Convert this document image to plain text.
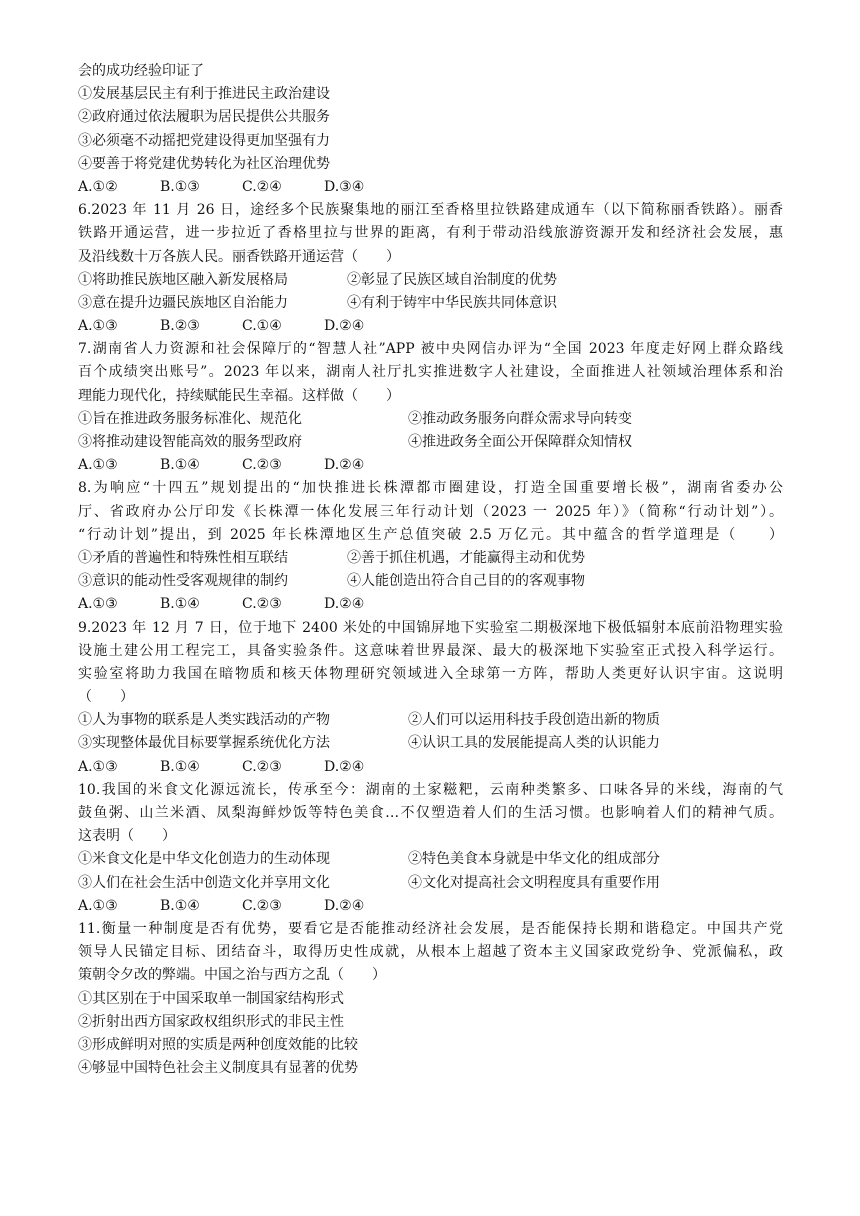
会的成功经验印证了
①发展基层民主有利于推进民主政治建设
②政府通过依法履职为居民提供公共服务
③必须毫不动摇把党建设得更加坚强有力
④要善于将党建优势转化为社区治理优势
A.①②	B.①③	C.②④	D.③④
6.2023 年 11 月 26 日，途经多个民族聚集地的丽江至香格里拉铁路建成通车（以下简称丽香铁路）。丽香
铁路开通运营，进一步拉近了香格里拉与世界的距离，有利于带动沿线旅游资源开发和经济社会发展，惠
及沿线数十万各族人民。丽香铁路开通运营（　　）
①将助推民族地区融入新发展格局	②彰显了民族区域自治制度的优势
③意在提升边疆民族地区自治能力	④有利于铸牢中华民族共同体意识
A.①③	B.②③	C.①④	D.②④
7.湖南省人力资源和社会保障厅的“智慧人社”APP 被中央网信办评为“全国 2023 年度走好网上群众路线
百个成绩突出账号”。2023 年以来，湖南人社厅扎实推进数字人社建设，全面推进人社领域治理体系和治
理能力现代化，持续赋能民生幸福。这样做（　　）
①旨在推进政务服务标准化、规范化	②推动政务服务向群众需求导向转变
③将推动建设智能高效的服务型政府	④推进政务全面公开保障群众知情权
A.①③	B.①④	C.②③	D.②④
8.为响应“十四五”规划提出的“加快推进长株潭都市圈建设，打造全国重要增长极”，湖南省委办公
厅、省政府办公厅印发《长株潭一体化发展三年行动计划（2023 一 2025 年）》（简称“行动计划”）。
“行动计划”提出，到 2025 年长株潭地区生产总值突破 2.5 万亿元。其中蕴含的哲学道理是（　　）
①矛盾的普遍性和特殊性相互联结	②善于抓住机遇，才能赢得主动和优势
③意识的能动性受客观规律的制约	④人能创造出符合自己目的的客观事物
A.①③	B.①④	C.②③	D.②④
9.2023 年 12 月 7 日，位于地下 2400 米处的中国锦屏地下实验室二期极深地下极低辐射本底前沿物理实验
设施土建公用工程完工，具备实验条件。这意味着世界最深、最大的极深地下实验室正式投入科学运行。
实验室将助力我国在暗物质和核天体物理研究领域进入全球第一方阵，帮助人类更好认识宇宙。这说明
（　　）
①人为事物的联系是人类实践活动的产物	②人们可以运用科技手段创造出新的物质
③实现整体最优目标要掌握系统优化方法	④认识工具的发展能提高人类的认识能力
A.①③	B.①④	C.②③	D.②④
10.我国的米食文化源远流长，传承至今：湖南的土家糍粑，云南种类繁多、口味各异的米线，海南的气
鼓鱼粥、山兰米酒、凤梨海鲜炒饭等特色美食…不仅塑造着人们的生活习惯。也影响着人们的精神气质。
这表明（　　）
①米食文化是中华文化创造力的生动体现	②特色美食本身就是中华文化的组成部分
③人们在社会生活中创造文化并享用文化	④文化对提高社会文明程度具有重要作用
A.①③	B.①④	C.②③	D.②④
11.衡量一种制度是否有优势，要看它是否能推动经济社会发展，是否能保持长期和谐稳定。中国共产党
领导人民锚定目标、团结奋斗，取得历史性成就，从根本上超越了资本主义国家政党纷争、党派偏私，政
策朝令夕改的弊端。中国之治与西方之乱（　　）
①其区别在于中国采取单一制国家结构形式
②折射出西方国家政权组织形式的非民主性
③形成鲜明对照的实质是两种创度效能的比较
④够显中国特色社会主义制度具有显著的优势
